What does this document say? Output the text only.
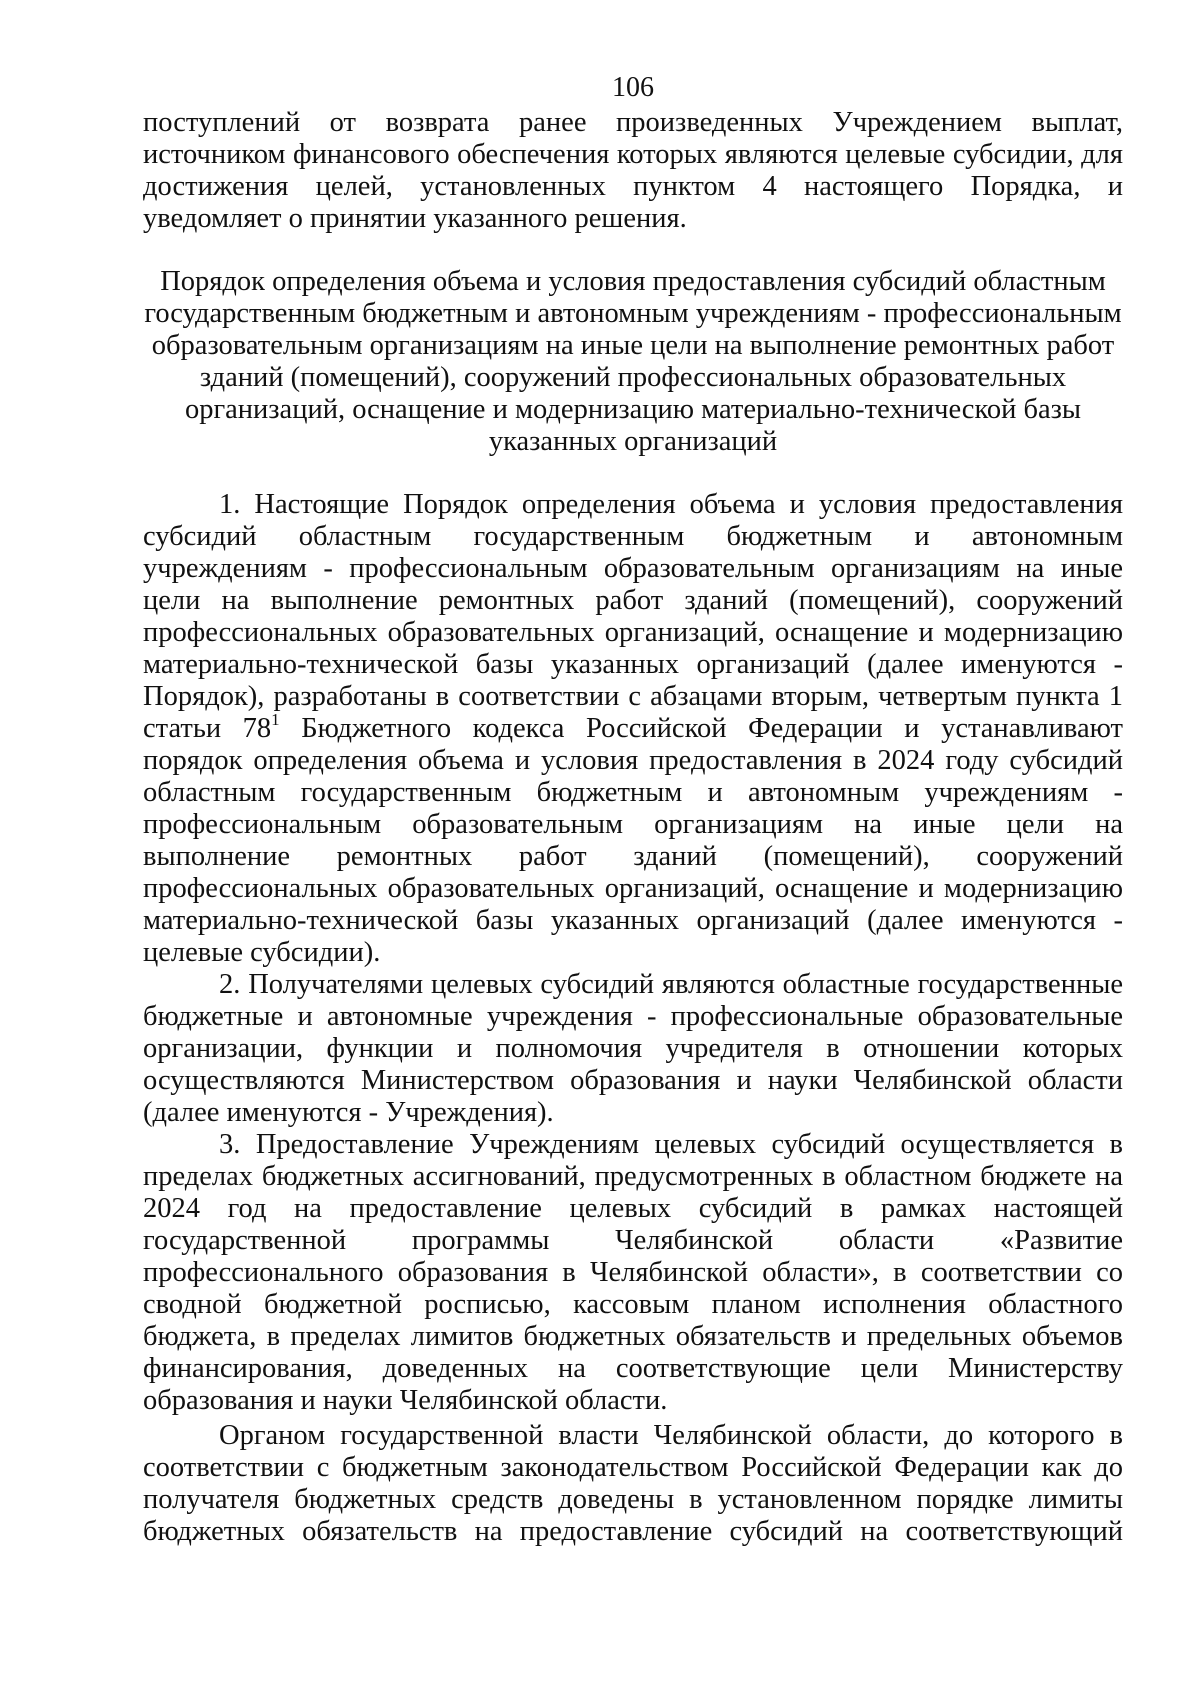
106
поступлений от возврата ранее произведенных Учреждением выплат,
источником финансового обеспечения которых являются целевые субсидии, для
достижения целей, установленных пунктом 4 настоящего Порядка, и
уведомляет о принятии указанного решения.
Порядок определения объема и условия предоставления субсидий областным
государственным бюджетным и автономным учреждениям - профессиональным
образовательным организациям на иные цели на выполнение ремонтных работ
зданий (помещений), сооружений профессиональных образовательных
организаций, оснащение и модернизацию материально-технической базы
указанных организаций
1. Настоящие Порядок определения объема и условия предоставления
субсидий областным государственным бюджетным и автономным
учреждениям - профессиональным образовательным организациям на иные
цели на выполнение ремонтных работ зданий (помещений), сооружений
профессиональных образовательных организаций, оснащение и модернизацию
материально-технической базы указанных организаций (далее именуются -
Порядок), разработаны в соответствии с абзацами вторым, четвертым пункта 1
статьи $78^1$ Бюджетного кодекса Российской Федерации и устанавливают
порядок определения объема и условия предоставления в 2024 году субсидий
областным государственным бюджетным и автономным учреждениям -
профессиональным образовательным организациям на иные цели на
выполнение ремонтных работ зданий (помещений), сооружений
профессиональных образовательных организаций, оснащение и модернизацию
материально-технической базы указанных организаций (далее именуются -
целевые субсидии).
2. Получателями целевых субсидий являются областные государственные
бюджетные и автономные учреждения - профессиональные образовательные
организации, функции и полномочия учредителя в отношении которых
осуществляются Министерством образования и науки Челябинской области
(далее именуются - Учреждения).
3. Предоставление Учреждениям целевых субсидий осуществляется в
пределах бюджетных ассигнований, предусмотренных в областном бюджете на
2024 год на предоставление целевых субсидий в рамках настоящей
государственной программы Челябинской области «Развитие
профессионального образования в Челябинской области», в соответствии со
сводной бюджетной росписью, кассовым планом исполнения областного
бюджета, в пределах лимитов бюджетных обязательств и предельных объемов
финансирования, доведенных на соответствующие цели Министерству
образования и науки Челябинской области.
Органом государственной власти Челябинской области, до которого в
соответствии с бюджетным законодательством Российской Федерации как до
получателя бюджетных средств доведены в установленном порядке лимиты
бюджетных обязательств на предоставление субсидий на соответствующий
